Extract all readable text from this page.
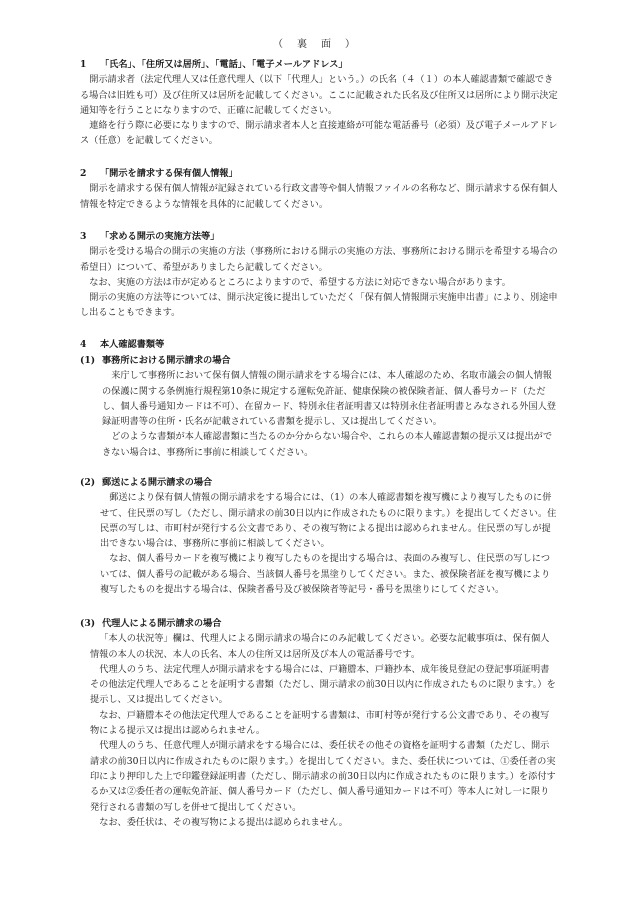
（　裏　面　）
1	「氏名」、「住所又は居所」、「電話」、「電子メールアドレス」

開示請求者（法定代理人又は任意代理人（以下「代理人」という。）の氏名（４（１）の本人確認書類で確認できる場合は旧姓も可）及び住所又は居所を記載してください。ここに記載された氏名及び住所又は居所により開示決定通知等を行うことになりますので、正確に記載してください。

連絡を行う際に必要になりますので、開示請求者本人と直接連絡が可能な電話番号（必須）及び電子メールアドレス（任意）を記載してください。

2	「開示を請求する保有個人情報」

開示を請求する保有個人情報が記録されている行政文書等や個人情報ファイルの名称など、開示請求する保有個人情報を特定できるような情報を具体的に記載してください。

3	「求める開示の実施方法等」

開示を受ける場合の開示の実施の方法（事務所における開示の実施の方法、事務所における開示を希望する場合の希望日）について、希望がありましたら記載してください。

なお、実施の方法は市が定めるところによりますので、希望する方法に対応できない場合があります。

開示の実施の方法等については、開示決定後に提出していただく「保有個人情報開示実施申出書」により、別途申し出ることもできます。

4	本人確認書類等
(1) 事務所における開示請求の場合

来庁して事務所において保有個人情報の開示請求をする場合には、本人確認のため、名取市議会の個人情報の保護に関する条例施行規程第10条に規定する運転免許証、健康保険の被保険者証、個人番号カード（ただし、個人番号通知カードは不可）、在留カード、特別永住者証明書又は特別永住者証明書とみなされる外国人登録証明書等の住所・氏名が記載されている書類を提示し、又は提出してください。

どのような書類が本人確認書類に当たるのか分からない場合や、これらの本人確認書類の提示又は提出ができない場合は、事務所に事前に相談してください。

(2) 郵送による開示請求の場合

郵送により保有個人情報の開示請求をする場合には、（1）の本人確認書類を複写機により複写したものに併せて、住民票の写し（ただし、開示請求の前30日以内に作成されたものに限ります。）を提出してください。住民票の写しは、市町村が発行する公文書であり、その複写物による提出は認められません。住民票の写しが提出できない場合は、事務所に事前に相談してください。

なお、個人番号カードを複写機により複写したものを提出する場合は、表面のみ複写し、住民票の写しについては、個人番号の記載がある場合、当該個人番号を黒塗りしてください。また、被保険者証を複写機により複写したものを提出する場合は、保険者番号及び被保険者等記号・番号を黒塗りにしてください。

(3) 代理人による開示請求の場合

「本人の状況等」欄は、代理人による開示請求の場合にのみ記載してください。必要な記載事項は、保有個人情報の本人の状況、本人の氏名、本人の住所又は居所及び本人の電話番号です。

代理人のうち、法定代理人が開示請求をする場合には、戸籍謄本、戸籍抄本、成年後見登記の登記事項証明書その他法定代理人であることを証明する書類（ただし、開示請求の前30日以内に作成されたものに限ります。）を提示し、又は提出してください。

なお、戸籍謄本その他法定代理人であることを証明する書類は、市町村等が発行する公文書であり、その複写物による提示又は提出は認められません。

代理人のうち、任意代理人が開示請求をする場合には、委任状その他その資格を証明する書類（ただし、開示請求の前30日以内に作成されたものに限ります。）を提出してください。また、委任状については、①委任者の実印により押印した上で印鑑登録証明書（ただし、開示請求の前30日以内に作成されたものに限ります。）を添付するか又は②委任者の運転免許証、個人番号カード（ただし、個人番号通知カードは不可）等本人に対し一に限り発行される書類の写しを併せて提出してください。

なお、委任状は、その複写物による提出は認められません。
